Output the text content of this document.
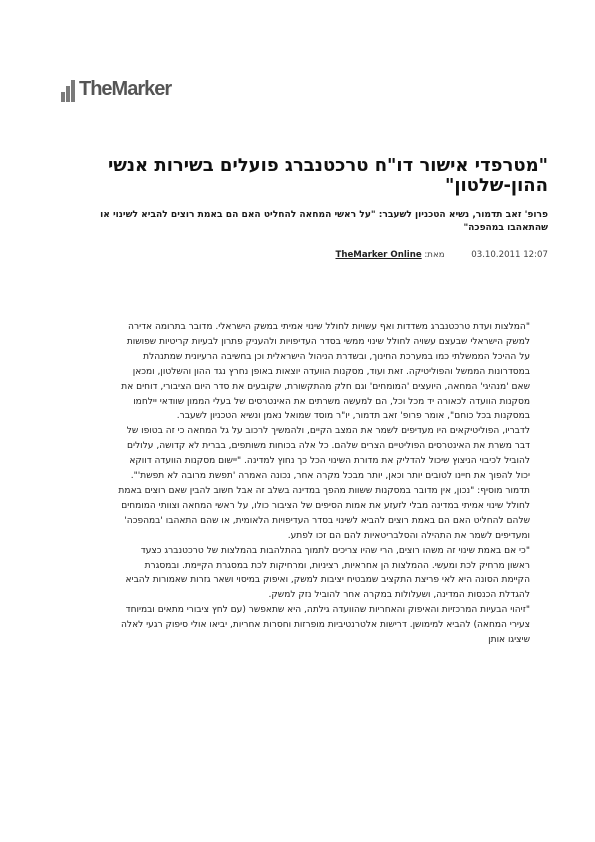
TheMarker
"מטרפדי אישור דו"ח טרכטנברג פועלים בשירות אנשי ההון-שלטון"

פרופ' זאב תדמור, נשיא הטכניון לשעבר: "על ראשי המחאה להחליט האם הם באמת רוצים להביא לשינוי או שהתאהבו במהפכה"

12:07 03.10.2011 מאת: TheMarker Online

"המלצות ועדת טרכטנברג משדדות ואף עשויות לחולל שינוי אמיתי במשק הישראלי. מדובר בתרומה אדירה למשק הישראלי שבעצם עשויה לחולל שינוי ממשי בסדר העדיפויות ולהעניק פתרון לבעיות קריטיות שפושות על ההיכל הממשלתי כמו במערכת החינוך, ובשדרת הניהול הישראלית וכן בחשיבה הרעיונית שמתנהלת במסדרונות הממשל והפוליטיקה. זאת ועוד, מסקנות הוועדה יוצאות באופן נחרץ נגד ההון והשלטון, ומכאן שאם 'מנהיגי' המחאה, היועצים 'המומחים' וגם חלק מהתקשורת, שקובעים את סדר היום הציבורי, דוחים את מסקנות הוועדה לכאורה יד מכל וכל, הם למעשה משרתים את האינטרסים של בעלי הממון שוודאי יילחמו במסקנות בכל כוחם", אומר פרופ' זאב תדמור, יו"ר מוסד שמואל נאמן ונשיא הטכניון לשעבר.

לדבריו, הפוליטיקאים היו מעדיפים לשמר את המצב הקיים, ולהמשיך לרכוב על גל המחאה כי זה בטופו של דבר משרת את האינטרסים הפוליטיים הצרים שלהם. כל אלה בכוחות משותפים, בברית לא קדושה, עלולים להוביל לכיבוי הניצוץ שיכול להדליק את מדורת השינוי הכל כך נחוץ למדינה. "יישום מסקנות הוועדה דווקא יכול להפוך את חיינו לטובים יותר וכאן, יותר מבכל מקרה אחר, נכונה האמרה 'תפשת מרובה לא תפשת'".

תדמור מוסיף: "נכון, אין מדובר במסקנות ששוות מהפך במדינה בשלב זה אבל חשוב להבין שאם רוצים באמת לחולל שינוי אמיתי במדינה מבלי לזעזע את אמות הסיפים של הציבור כולו, על ראשי המחאה וצוותי המומחים שלהם להחליט האם הם באמת רוצים להביא לשינוי בסדר העדיפויות הלאומית, או שהם התאהבו 'במהפכה' ומעדיפים לשמר את התהילה והסלבריטאיות להם הם זכו לפתע.

"כי אם באמת שינוי זה משהו רוצים, הרי שהיו צריכים לתמוך בהתלהבות בהמלצות של טרכטנברג כצעד ראשון מרחיק לכת ומעשי. ההמלצות הן אחראיות, רציניות, ומרחיקות לכת במסגרת הקיימת. ובמסגרת הקיימת הסונה היא לאי פריצת התקציב שמבטיח יציבות למשק, ואיפוק במיסוי ושאר גזרות שאמורות להביא להגדלת הכנסות המדינה, ושעלולות במקרה אחר להוביל נזק למשק.

"זיהוי הבעיות המרכזיות והאיפוק והאחריות שהוועדה גילתה, היא שתאפשר (עם לחץ ציבורי מתאים ובמיוחד צעירי המחאה) להביא למימושן. דרישות אלטרנטיביות מופרזות וחסרות אחריות, יביאו אולי סיפוק רגעי לאלה שיציגו אותן
